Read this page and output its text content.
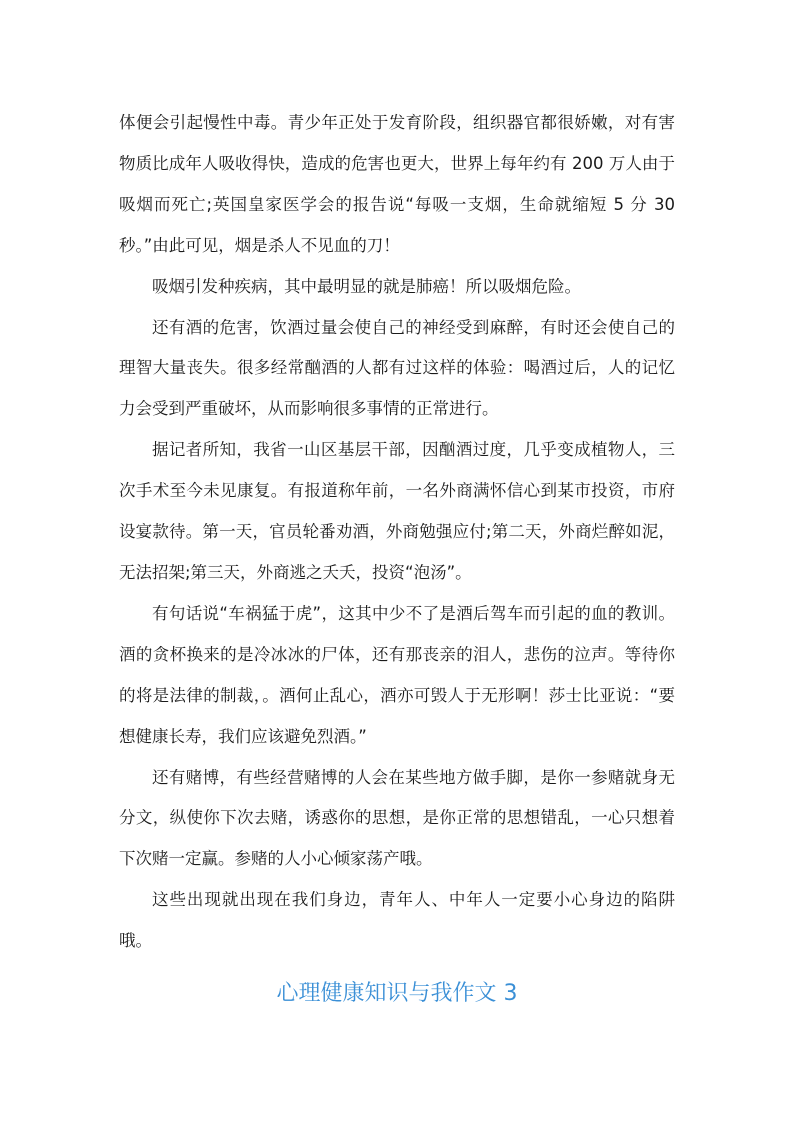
体便会引起慢性中毒。青少年正处于发育阶段，组织器官都很娇嫩，对有害物质比成年人吸收得快，造成的危害也更大，世界上每年约有 200 万人由于吸烟而死亡;英国皇家医学会的报告说“每吸一支烟，生命就缩短 5 分 30 秒。”由此可见，烟是杀人不见血的刀！

吸烟引发种疾病，其中最明显的就是肺癌！所以吸烟危险。

还有酒的危害，饮酒过量会使自己的神经受到麻醉，有时还会使自己的理智大量丧失。很多经常酗酒的人都有过这样的体验：喝酒过后，人的记忆力会受到严重破坏，从而影响很多事情的正常进行。

据记者所知，我省一山区基层干部，因酗酒过度，几乎变成植物人，三次手术至今未见康复。有报道称年前，一名外商满怀信心到某市投资，市府设宴款待。第一天，官员轮番劝酒，外商勉强应付;第二天，外商烂醉如泥，无法招架;第三天，外商逃之夭夭，投资“泡汤”。

有句话说“车祸猛于虎”，这其中少不了是酒后驾车而引起的血的教训。酒的贪杯换来的是冷冰冰的尸体，还有那丧亲的泪人，悲伤的泣声。等待你的将是法律的制裁，。酒何止乱心，酒亦可毁人于无形啊！莎士比亚说：“要想健康长寿，我们应该避免烈酒。”

还有赌博，有些经营赌博的人会在某些地方做手脚，是你一参赌就身无分文，纵使你下次去赌，诱惑你的思想，是你正常的思想错乱，一心只想着下次赌一定赢。参赌的人小心倾家荡产哦。

这些出现就出现在我们身边，青年人、中年人一定要小心身边的陷阱哦。

心理健康知识与我作文 3
